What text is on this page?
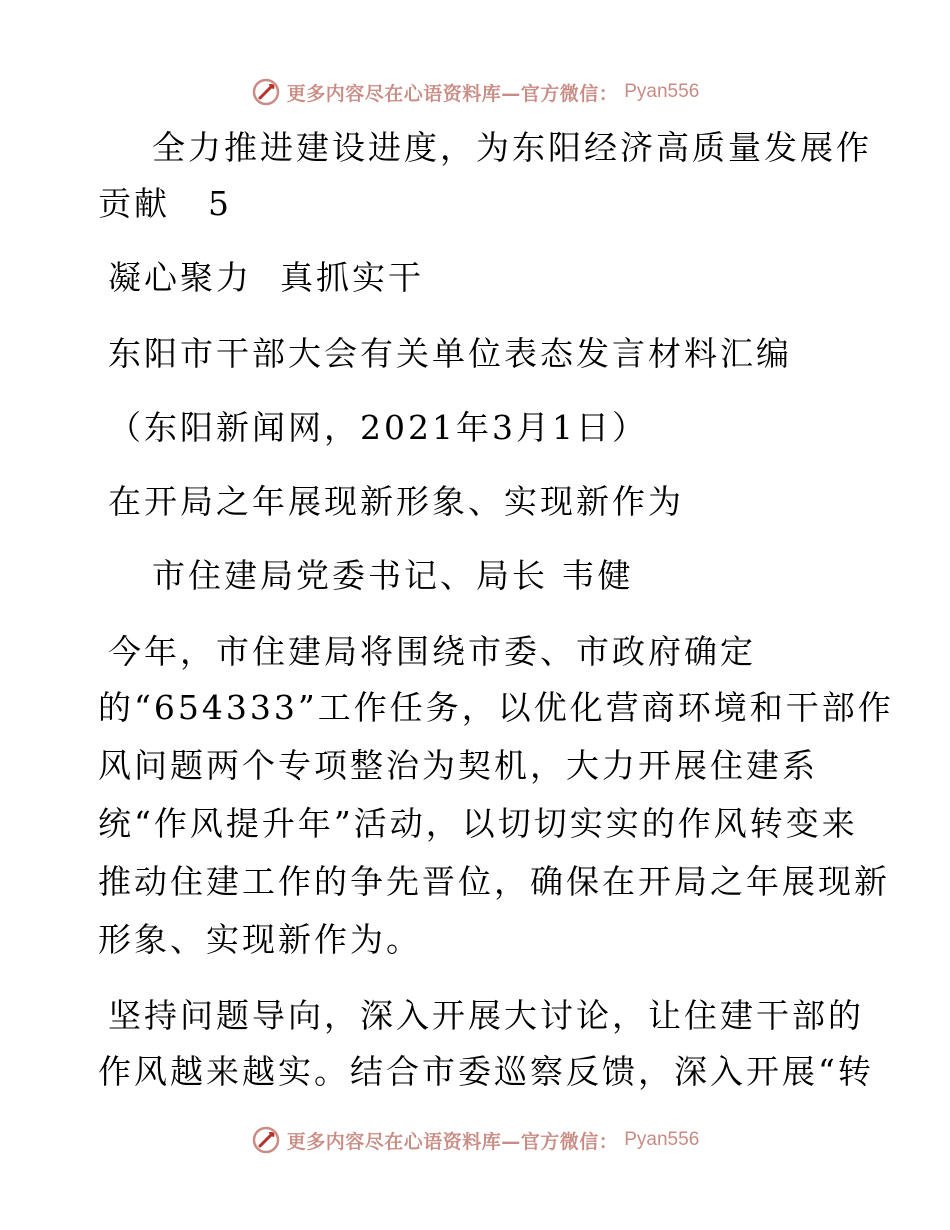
更多内容尽在心语资料库—官方微信： Pyan556
全力推进建设进度，为东阳经济高质量发展作
贡献 5
凝心聚力 真抓实干
东阳市干部大会有关单位表态发言材料汇编
（东阳新闻网，2021年3月1日）
在开局之年展现新形象、实现新作为
市住建局党委书记、局长 韦健
今年，市住建局将围绕市委、市政府确定
的“654333”工作任务，以优化营商环境和干部作
风问题两个专项整治为契机，大力开展住建系
统“作风提升年”活动，以切切实实的作风转变来
推动住建工作的争先晋位，确保在开局之年展现新
形象、实现新作为。
坚持问题导向，深入开展大讨论，让住建干部的
作风越来越实。结合市委巡察反馈，深入开展“转
更多内容尽在心语资料库—官方微信： Pyan556
